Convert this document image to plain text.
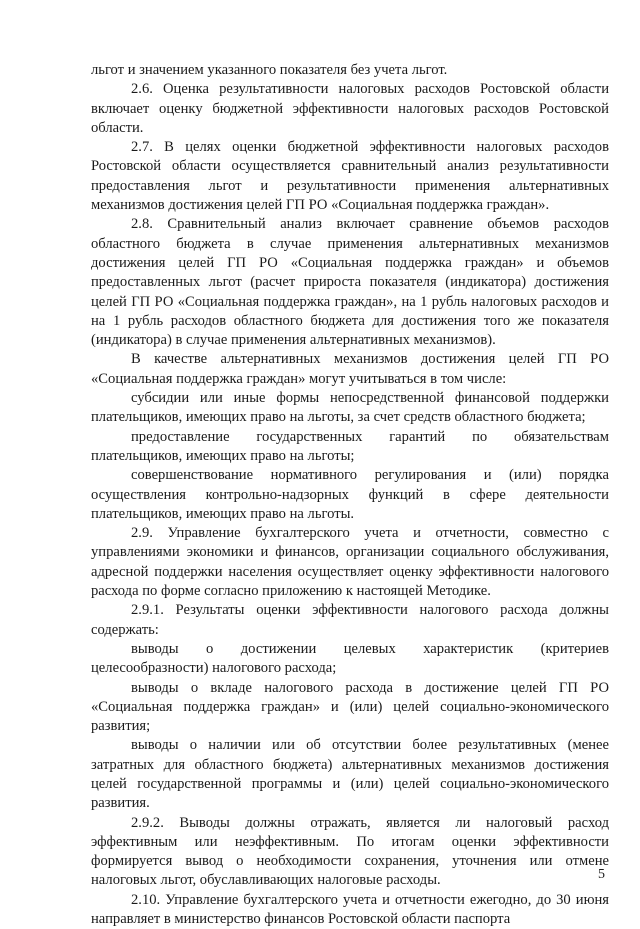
льгот и значением указанного показателя без учета льгот.

2.6. Оценка результативности налоговых расходов Ростовской области включает оценку бюджетной эффективности налоговых расходов Ростовской области.

2.7. В целях оценки бюджетной эффективности налоговых расходов Ростовской области осуществляется сравнительный анализ результативности предоставления льгот и результативности применения альтернативных механизмов достижения целей ГП РО «Социальная поддержка граждан».

2.8. Сравнительный анализ включает сравнение объемов расходов областного бюджета в случае применения альтернативных механизмов достижения целей ГП РО «Социальная поддержка граждан» и объемов предоставленных льгот (расчет прироста показателя (индикатора) достижения целей ГП РО «Социальная поддержка граждан», на 1 рубль налоговых расходов и на 1 рубль расходов областного бюджета для достижения того же показателя (индикатора) в случае применения альтернативных механизмов).

В качестве альтернативных механизмов достижения целей ГП РО «Социальная поддержка граждан» могут учитываться в том числе:

субсидии или иные формы непосредственной финансовой поддержки плательщиков, имеющих право на льготы, за счет средств областного бюджета;

предоставление государственных гарантий по обязательствам плательщиков, имеющих право на льготы;

совершенствование нормативного регулирования и (или) порядка осуществления контрольно-надзорных функций в сфере деятельности плательщиков, имеющих право на льготы.

2.9. Управление бухгалтерского учета и отчетности, совместно с управлениями экономики и финансов, организации социального обслуживания, адресной поддержки населения осуществляет оценку эффективности налогового расхода по форме согласно приложению к настоящей Методике.

2.9.1. Результаты оценки эффективности налогового расхода должны содержать:

выводы о достижении целевых характеристик (критериев целесообразности) налогового расхода;

выводы о вкладе налогового расхода в достижение целей ГП РО «Социальная поддержка граждан» и (или) целей социально-экономического развития;

выводы о наличии или об отсутствии более результативных (менее затратных для областного бюджета) альтернативных механизмов достижения целей государственной программы и (или) целей социально-экономического развития.

2.9.2. Выводы должны отражать, является ли налоговый расход эффективным или неэффективным. По итогам оценки эффективности формируется вывод о необходимости сохранения, уточнения или отмене налоговых льгот, обуславливающих налоговые расходы.

2.10. Управление бухгалтерского учета и отчетности ежегодно, до 30 июня направляет в министерство финансов Ростовской области паспорта

5
